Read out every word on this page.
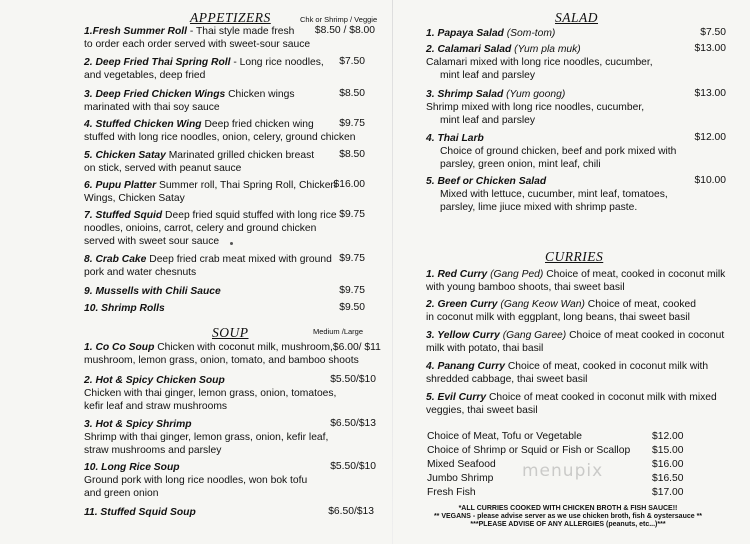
APPETIZERS	Chk or Shrimp / Veggie
1.Fresh Summer Roll - Thai style made fresh
to order each order served with sweet-sour sauce
$8.50 / $8.00
2. Deep Fried Thai Spring Roll - Long rice noodles,
and vegetables, deep fried
$7.50
3. Deep Fried Chicken Wings Chicken wings
marinated with thai soy sauce
$8.50
4. Stuffed Chicken Wing Deep fried chicken wing
stuffed with long rice noodles, onion, celery, ground chicken
$9.75
5. Chicken Satay Marinated grilled chicken breast
on stick, served with peanut sauce
$8.50
6. Pupu Platter Summer roll, Thai Spring Roll, Chicken
Wings, Chicken Satay
$16.00
7. Stuffed Squid Deep fried squid stuffed with long rice
noodles, onioins, carrot, celery and ground chicken
served with sweet sour sauce
$9.75
8. Crab Cake Deep fried crab meat mixed with ground
pork and water chesnuts
$9.75
9. Mussells with Chili Sauce	$9.75
10. Shrimp Rolls	$9.50
SOUP	Medium /Large
1. Co Co Soup Chicken with coconut milk, mushroom,$6.00/ $11
mushroom, lemon grass, onion, tomato, and bamboo shoots
2. Hot & Spicy Chicken Soup
Chicken with thai ginger, lemon grass, onion, tomatoes,
kefir leaf and straw mushrooms
$5.50/$10
3. Hot & Spicy Shrimp
Shrimp with thai ginger, lemon grass, onion, kefir leaf,
straw mushrooms and parsley
$6.50/$13
10. Long Rice Soup
Ground pork with long rice noodles, won bok tofu
and green onion
$5.50/$10
11. Stuffed Squid Soup	$6.50/$13
SALAD
1. Papaya Salad (Som-tom)	$7.50
2. Calamari Salad (Yum pla muk)
Calamari mixed with long rice noodles, cucumber,
mint leaf and parsley
$13.00
3. Shrimp Salad (Yum goong)
Shrimp mixed with long rice noodles, cucumber,
mint leaf and parsley
$13.00
4. Thai Larb
Choice of ground chicken, beef and pork mixed with
parsley, green onion, mint leaf, chili
$12.00
5. Beef or Chicken Salad
Mixed with lettuce, cucumber, mint leaf, tomatoes,
parsley, lime jiuce mixed with shrimp paste.
$10.00
CURRIES
1. Red Curry (Gang Ped) Choice of meat, cooked in coconut milk
with young bamboo shoots, thai sweet basil
2. Green Curry (Gang Keow Wan) Choice of meat, cooked
in coconut milk with eggplant, long beans, thai sweet basil
3. Yellow Curry (Gang Garee) Choice of meat cooked in coconut
milk with potato, thai basil
4. Panang Curry Choice of meat, cooked in coconut milk with
shredded cabbage, thai sweet basil
5. Evil Curry Choice of meat cooked in coconut milk with mixed
veggies, thai sweet basil
Choice of Meat, Tofu or Vegetable	$12.00
Choice of Shrimp or Squid or Fish or Scallop $15.00
Mixed Seafood	$16.00
Jumbo Shrimp	$16.50
Fresh Fish	$17.00
menupix
*ALL CURRIES COOKED WITH CHICKEN BROTH & FISH SAUCE!!
** VEGANS - please advise server as we use chicken broth, fish & oystersauce **
***PLEASE ADVISE OF ANY ALLERGIES (peanuts, etc...)***
